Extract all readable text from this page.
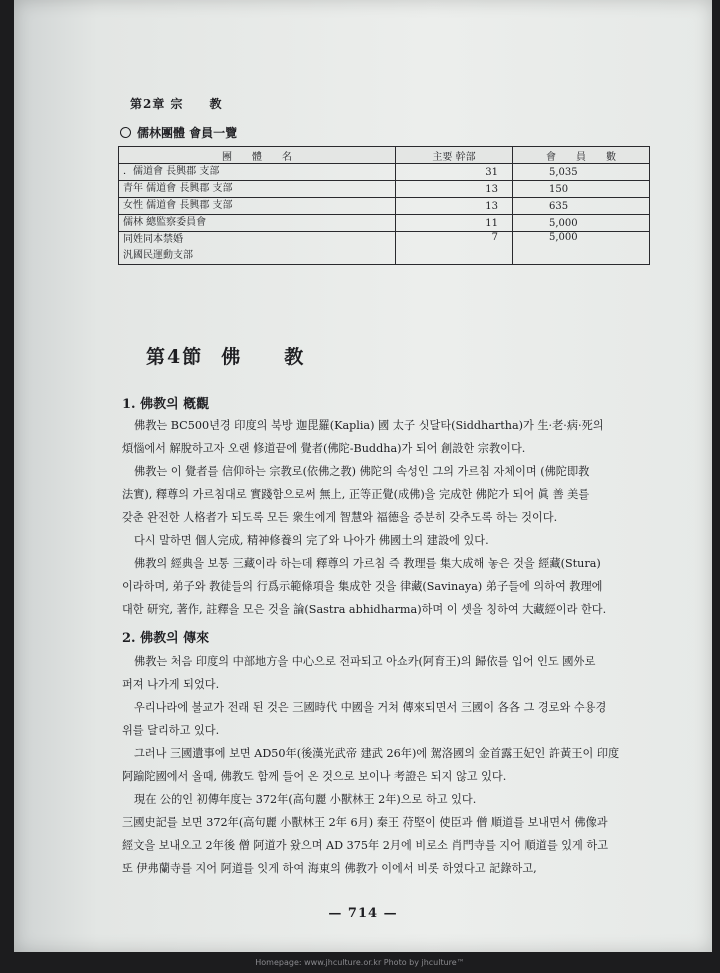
第2章 宗　　教
儒林團體 會員一覽
團　　體　　名	主要 幹部	會　　員　　數
．儒道會 長興郡 支部	31	5,035
青年 儒道會 長興郡 支部	13	150
女性 儒道會 長興郡 支部	13	635
儒林 總監察委員會	11	5,000

同姓同本禁婚
汎國民運動支部	7	5,000
第4節 佛　　教
1. 佛教의 槪觀
佛教는 BC500년경 印度의 북방 迦毘羅(Kaplia) 國 太子 싯달타(Siddhartha)가 生·老·病·死의
煩惱에서 解脫하고자 오랜 修道끝에 覺者(佛陀-Buddha)가 되어 創設한 宗教이다.
佛教는 이 覺者를 信仰하는 宗教로(依佛之教) 佛陀의 속성인 그의 가르침 자체이며 (佛陀即教
法實), 釋尊의 가르침대로 實踐함으로써 無上, 正等正覺(成佛)을 完成한 佛陀가 되어 眞 善 美를
갖춘 완전한 人格者가 되도록 모든 衆生에게 智慧와 福德을 증분히 갖추도록 하는 것이다.
다시 말하면 個人完成, 精神修養의 完了와 나아가 佛國土의 建設에 있다.
佛教의 經典을 보통 三藏이라 하는데 釋尊의 가르침 즉 教理를 集大成해 놓은 것을 經藏(Stura)
이라하며, 弟子와 教徒들의 行爲示範條項을 集成한 것을 律藏(Savinaya) 弟子들에 의하여 教理에
대한 研究, 著作, 註釋을 모은 것을 論(Sastra abhidharma)하며 이 셋을 칭하여 大藏經이라 한다.
2. 佛教의 傳來
佛教는 처음 印度의 中部地方을 中心으로 전파되고 아쇼카(阿育王)의 歸依를 입어 인도 國外로
퍼져 나가게 되었다.
우리나라에 불교가 전래 된 것은 三國時代 中國을 거쳐 傳來되면서 三國이 各各 그 경로와 수용경
위를 달리하고 있다.
그러나 三國遺事에 보면 AD50年(後漢光武帝 建武 26年)에 駕洛國의 金首露王妃인 許黃王이 印度
阿踰陀國에서 올때, 佛教도 함께 들어 온 것으로 보이나 考證은 되지 않고 있다.
現在 公的인 初傳年度는 372年(高句麗 小獸林王 2年)으로 하고 있다.
三國史記를 보면 372年(高句麗 小獸林王 2年 6月) 秦王 苻堅이 使臣과 僧 順道를 보내면서 佛像과
經文을 보내오고 2年後 僧 阿道가 왔으며 AD 375年 2月에 비로소 肖門寺를 지어 順道를 있게 하고
또 伊弗蘭寺를 지어 阿道를 잇게 하여 海東의 佛教가 이에서 비롯 하였다고 記錄하고,
— 714 —
Homepage: www.jhculture.or.kr Photo by jhculture™
